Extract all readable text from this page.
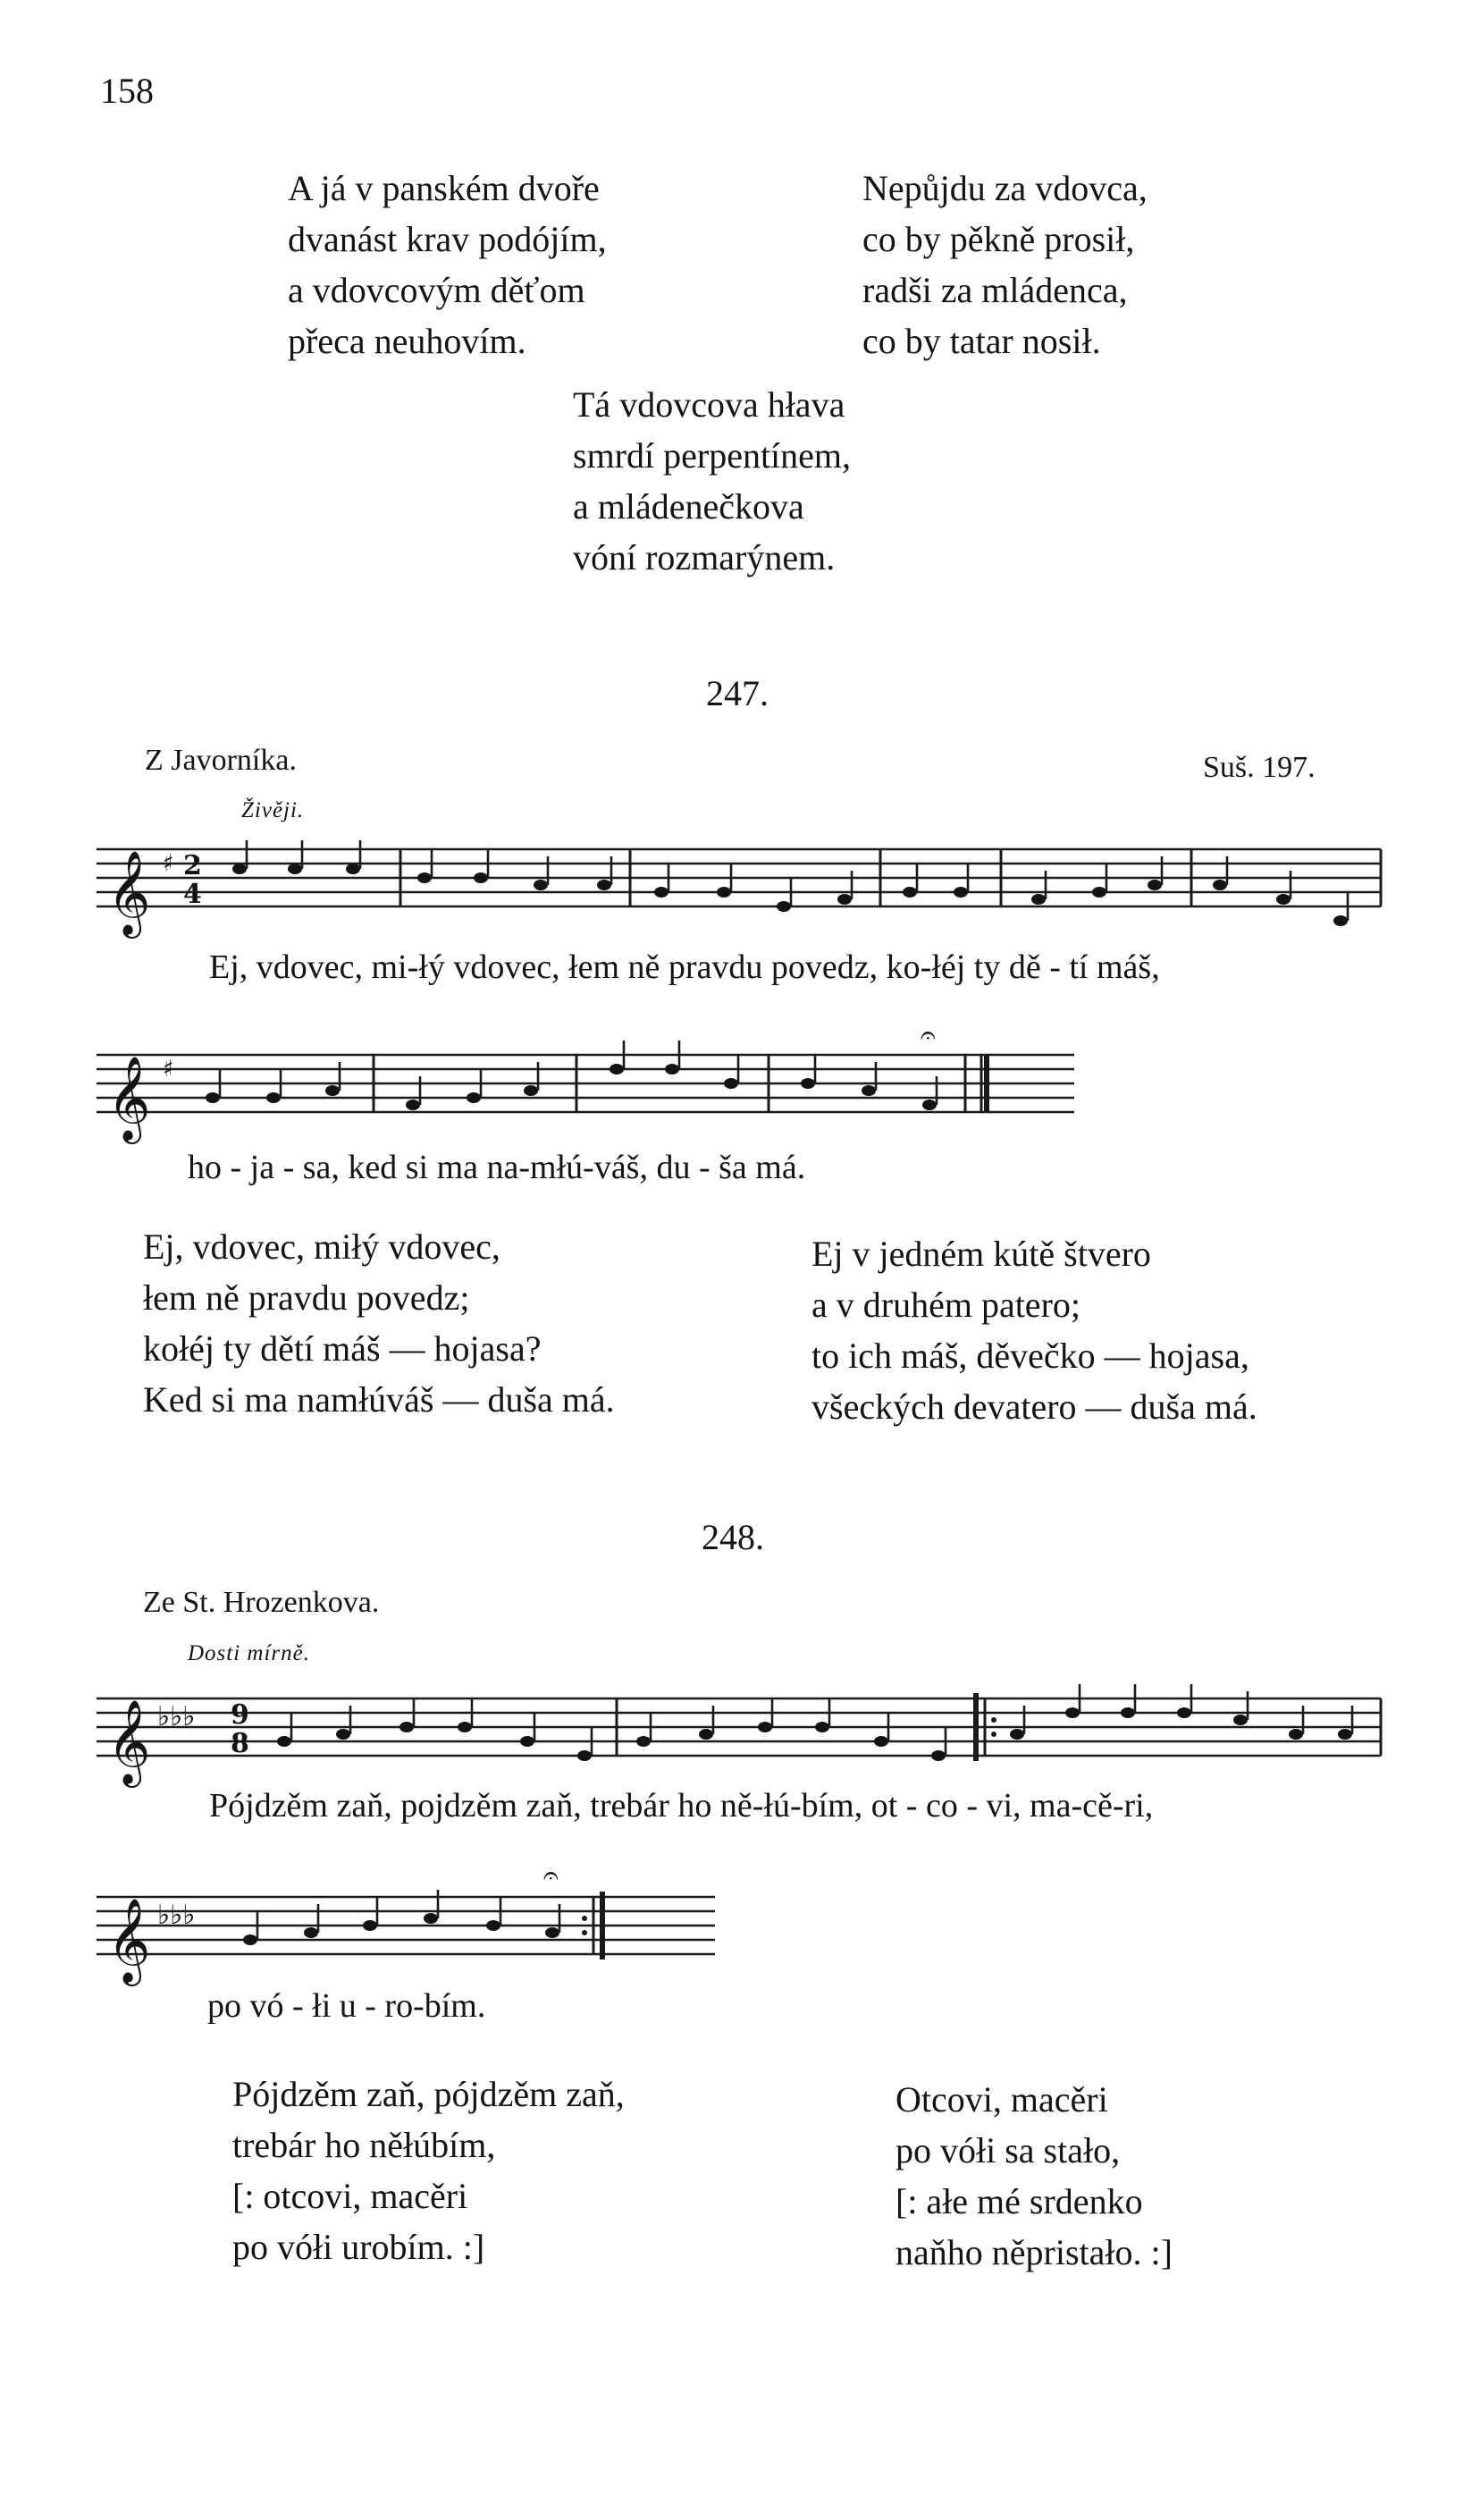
158
A já v panském dvoře
dvanást krav podójím,
a vdovcovým děťom
přeca neuhovím.
Nepůjdu za vdovca,
co by pěkně prosił,
radši za mládenca,
co by tatar nosił.
Tá vdovcova hłava
smrdí perpentínem,
a mládenečkova
vóní rozmarýnem.
247.
Z Javorníka.	Suš. 197.
Živěji.
𝄞 ♯ 2
4
𝄞 ♯
𝄐
𝄞 ♭♭♭ 9
8
𝄞 ♭♭♭
𝄐
Ej, vdovec, mi-łý vdovec, łem ně pravdu povedz, ko-łéj ty dě - tí máš,
ho - ja - sa, ked si ma na-młú-váš, du - ša má.
Ej, vdovec, miłý vdovec,
łem ně pravdu povedz;
kołéj ty dětí máš — hojasa?
Ked si ma namłúváš — duša má.
Ej v jedném kútě štvero
a v druhém patero;
to ich máš, děvečko — hojasa,
všeckých devatero — duša má.
248.
Ze St. Hrozenkova.
Dosti mírně.
Pójdzěm zaň, pojdzěm zaň, trebár ho ně-łú-bím, ot - co - vi, ma-cě-ri,
po vó - łi u - ro-bím.
Pójdzěm zaň, pójdzěm zaň,
trebár ho něłúbím,
[: otcovi, macěri
po vółi urobím. :]
Otcovi, macěri
po vółi sa stało,
[: ałe mé srdenko
naňho něpristało. :]
